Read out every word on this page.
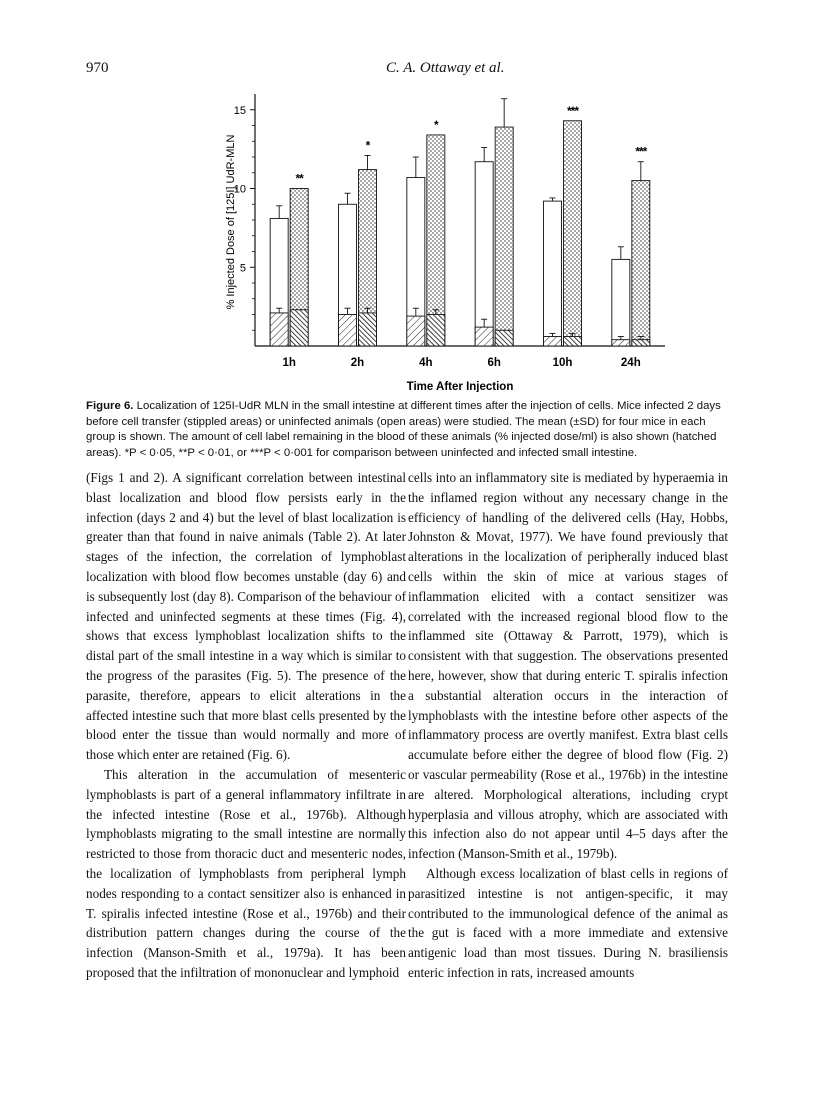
970	C. A. Ottaway et al.
5
10
15
1h
**
2h
*
4h
*
6h	10h
***
24h
***
% Injected Dose of [125I] UdR-MLN
Time After Injection
Figure 6. Localization of 125I-UdR MLN in the small intestine at different times after the injection of cells. Mice infected 2 days before cell transfer (stippled areas) or uninfected animals (open areas) were studied. The mean (±SD) for four mice in each group is shown. The amount of cell label remaining in the blood of these animals (% injected dose/ml) is also shown (hatched areas). *P < 0·05, **P < 0·01, or ***P < 0·001 for comparison between uninfected and infected small intestine.

(Figs 1 and 2). A significant correlation between intestinal blast localization and blood flow persists early in the infection (days 2 and 4) but the level of blast localization is greater than that found in naive animals (Table 2). At later stages of the infection, the correlation of lymphoblast localization with blood flow becomes unstable (day 6) and is subsequently lost (day 8). Comparison of the behaviour of infected and uninfected segments at these times (Fig. 4), shows that excess lymphoblast localization shifts to the distal part of the small intestine in a way which is similar to the progress of the parasites (Fig. 5). The presence of the parasite, therefore, appears to elicit alterations in the affected intestine such that more blast cells presented by the blood enter the tissue than would normally and more of those which enter are retained (Fig. 6).

This alteration in the accumulation of mesenteric lymphoblasts is part of a general inflammatory infiltrate in the infected intestine (Rose et al., 1976b). Although lymphoblasts migrating to the small intestine are normally restricted to those from thoracic duct and mesenteric nodes, the localization of lymphoblasts from peripheral lymph nodes responding to a contact sensitizer also is enhanced in T. spiralis infected intestine (Rose et al., 1976b) and their distribution pattern changes during the course of the infection (Manson-Smith et al., 1979a). It has been proposed that the infiltration of mononuclear and lymphoid

cells into an inflammatory site is mediated by hyperaemia in the inflamed region without any necessary change in the efficiency of handling of the delivered cells (Hay, Hobbs, Johnston & Movat, 1977). We have found previously that alterations in the localization of peripherally induced blast cells within the skin of mice at various stages of inflammation elicited with a contact sensitizer was correlated with the increased regional blood flow to the inflammed site (Ottaway & Parrott, 1979), which is consistent with that suggestion. The observations presented here, however, show that during enteric T. spiralis infection a substantial alteration occurs in the interaction of lymphoblasts with the intestine before other aspects of the inflammatory process are overtly manifest. Extra blast cells accumulate before either the degree of blood flow (Fig. 2) or vascular permeability (Rose et al., 1976b) in the intestine are altered. Morphological alterations, including crypt hyperplasia and villous atrophy, which are associated with this infection also do not appear until 4–5 days after the infection (Manson-Smith et al., 1979b).

Although excess localization of blast cells in regions of parasitized intestine is not antigen-specific, it may contributed to the immunological defence of the animal as the gut is faced with a more immediate and extensive antigenic load than most tissues. During N. brasiliensis enteric infection in rats, increased amounts
